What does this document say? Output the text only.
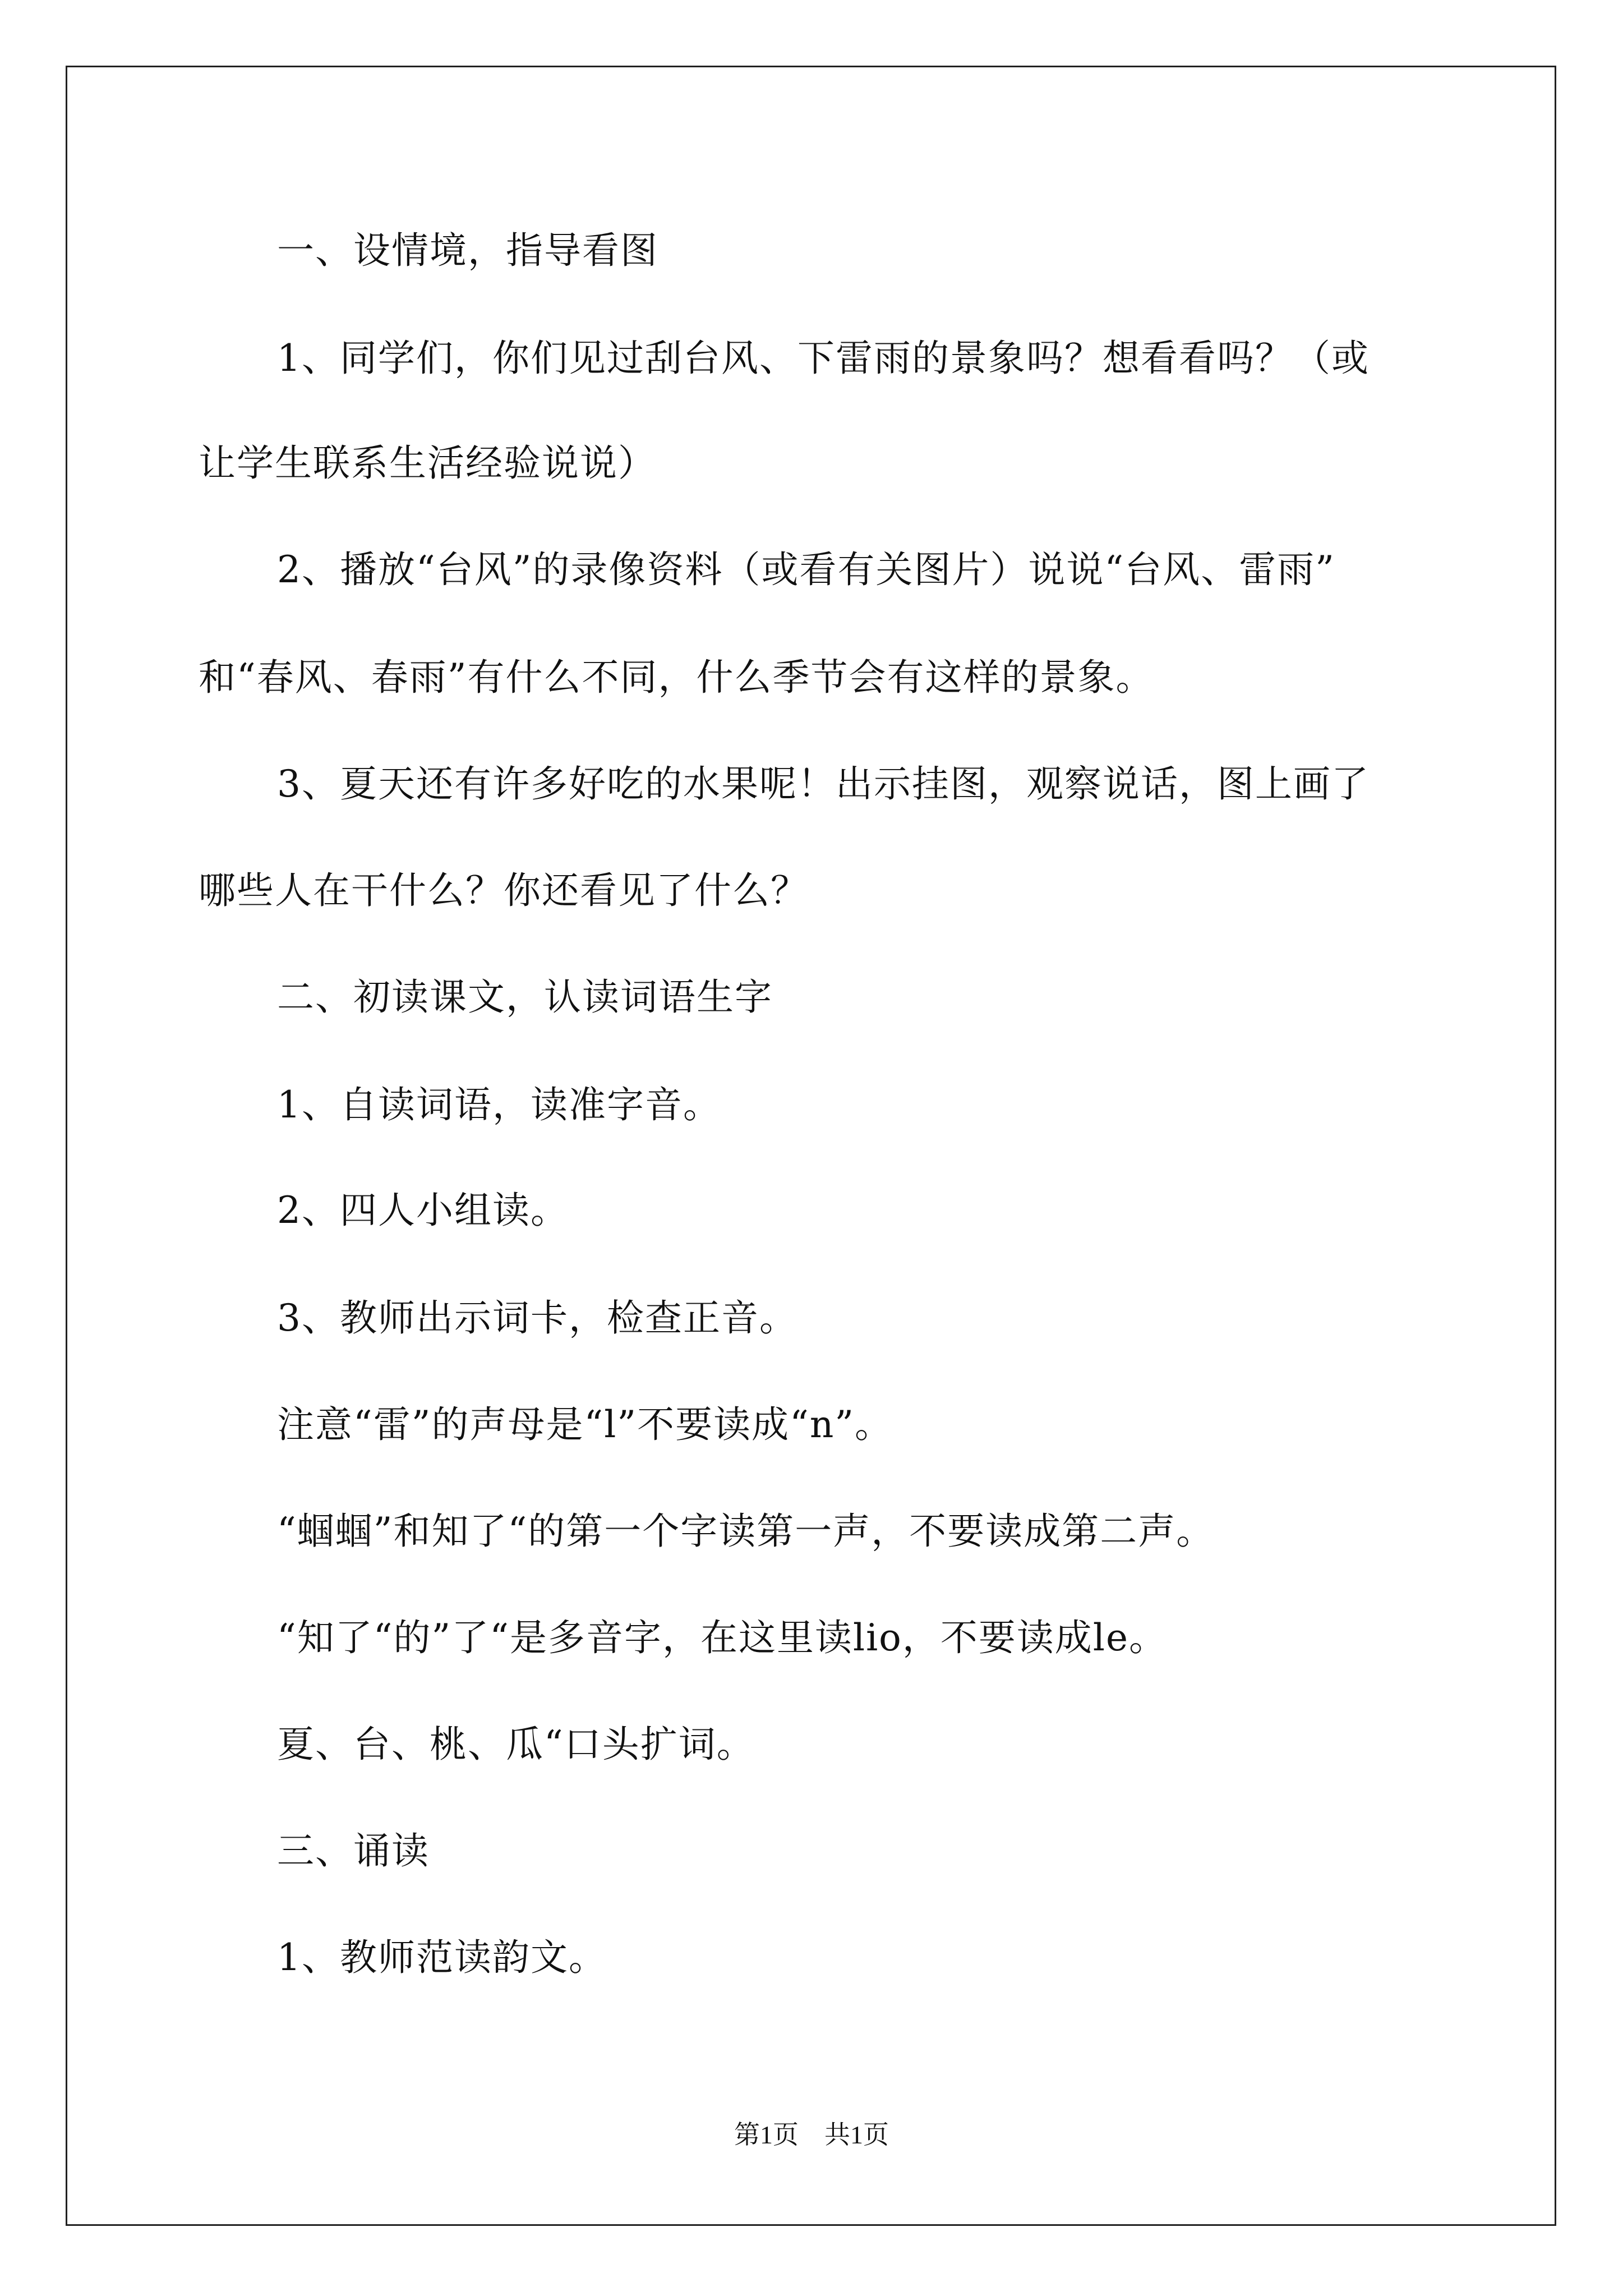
一、设情境，指导看图
1、同学们，你们见过刮台风、下雷雨的景象吗？想看看吗？（或
让学生联系生活经验说说）
2、播放“台风”的录像资料（或看有关图片）说说“台风、雷雨”
和“春风、春雨”有什么不同，什么季节会有这样的景象。
3、夏天还有许多好吃的水果呢！出示挂图，观察说话，图上画了
哪些人在干什么？你还看见了什么？
二、初读课文，认读词语生字
1、自读词语，读准字音。
2、四人小组读。
3、教师出示词卡，检查正音。
注意“雷”的声母是“l”不要读成“n”。
“蝈蝈”和知了“的第一个字读第一声，不要读成第二声。
“知了“的”了“是多音字，在这里读lio，不要读成le。
夏、台、桃、瓜“口头扩词。
三、诵读
1、教师范读韵文。
第1页　共1页
